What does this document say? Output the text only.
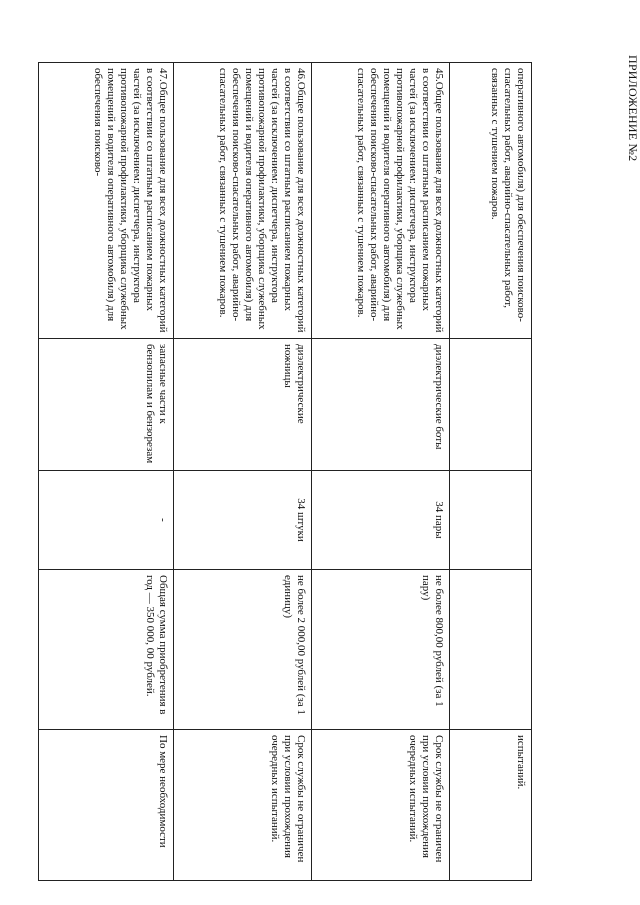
ПРИЛОЖЕНИЕ №2
оперативного автомобиля) для обеспечения поисково-спасательных работ, аварийно-спасательных работ, связанных с тушением пожаров.				испытаний.

45.Общее пользование для всех должностных категорий в соответствии со штатным расписанием пожарных частей (за исключением: диспетчера, инструктора противопожарной профилактики, уборщика служебных помещений и водителя оперативного автомобиля) для обеспечения поисково-спасательных работ, аварийно-спасательных работ, связанных с тушением пожаров.	диэлектрические боты	34 пары	не более 800,00 рублей (за 1 пару)	Срок службы не ограничен при условии прохождения очередных испытаний.

46.Общее пользование для всех должностных категорий в соответствии со штатным расписанием пожарных частей (за исключением: диспетчера, инструктора противопожарной профилактики, уборщика служебных помещений и водителя оперативного автомобиля) для обеспечения поисково-спасательных работ, аварийно-спасательных работ, связанных с тушением пожаров.	диэлектрические ножницы	34 штуки	не более 2 000,00 рублей (за 1 единицу)	Срок службы не ограничен при условии прохождения очередных испытаний.

47.Общее пользование для всех должностных категорий в соответствии со штатным расписанием пожарных частей (за исключением: диспетчера, инструктора противопожарной профилактики, уборщика служебных помещений и водителя оперативного автомобиля) для обеспечения поисково-	запасные части к бензопилам и бензорезам	-	Общая сумма приобретения в год — 350 000, 00 рублей.	По мере необходимости
